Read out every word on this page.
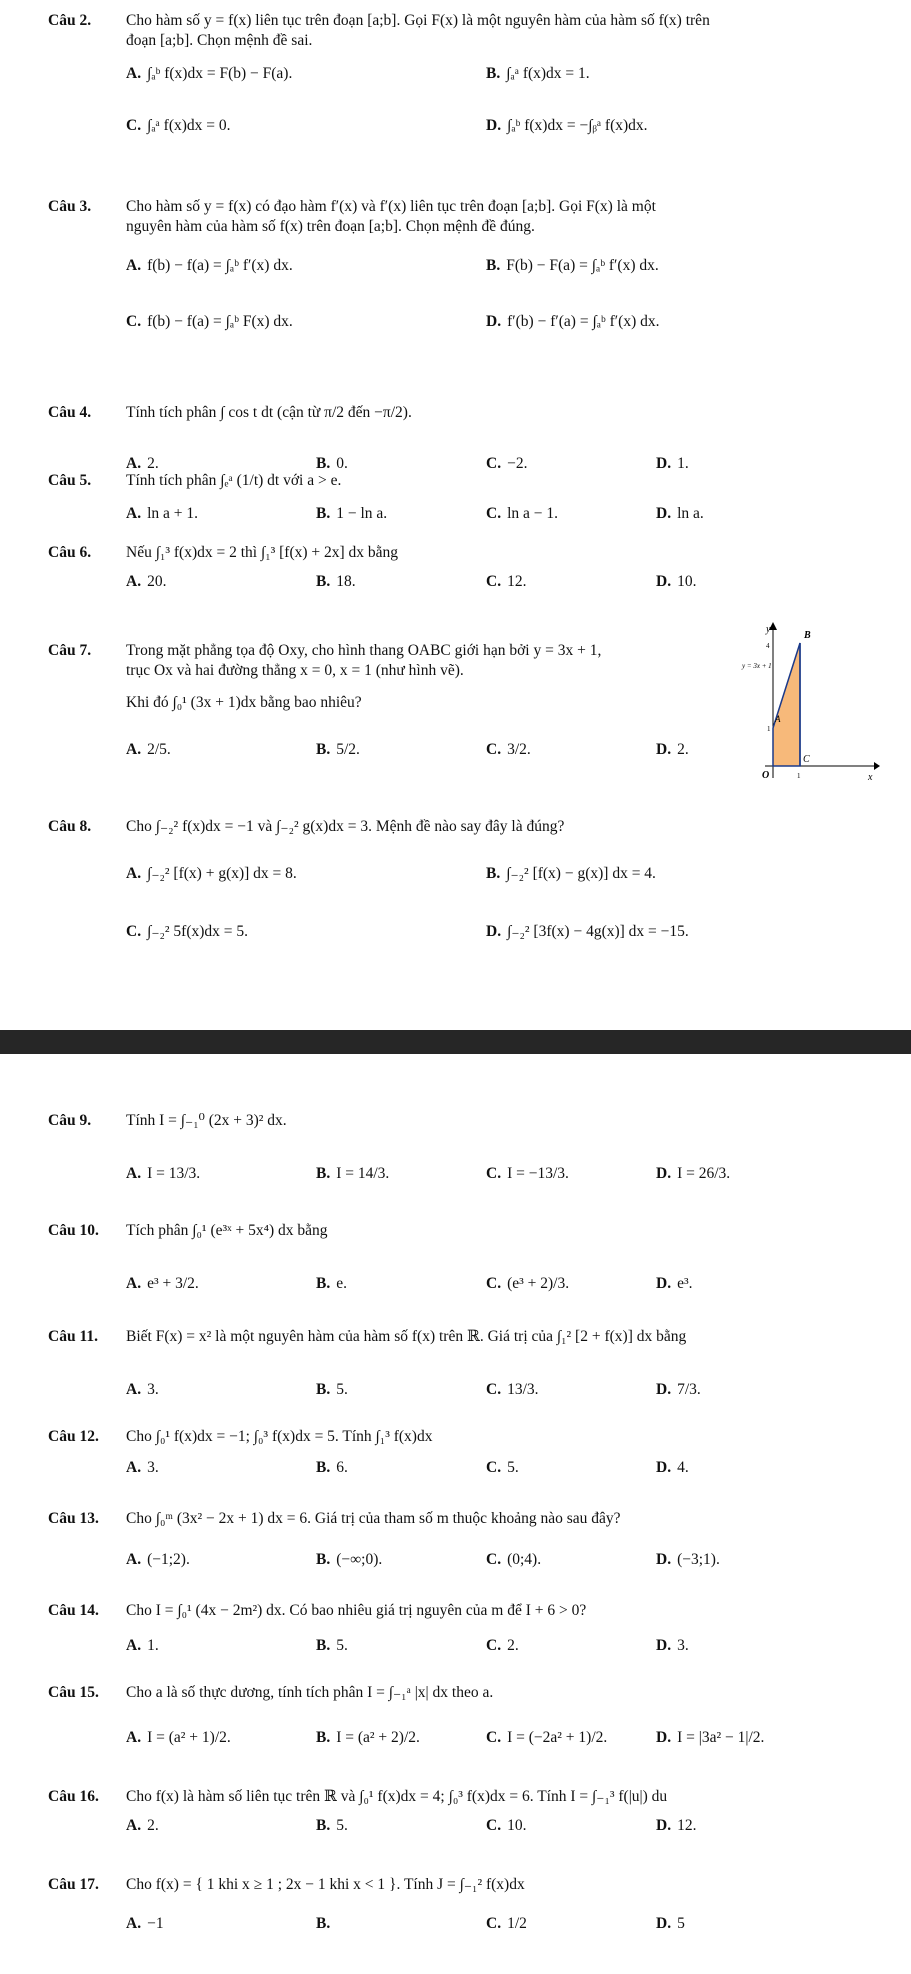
Câu 2.	Cho hàm số y = f(x) liên tục trên đoạn [a;b]. Gọi F(x) là một nguyên hàm của hàm số f(x) trên
đoạn [a;b]. Chọn mệnh đề sai.
A. ∫ₐᵇ f(x)dx = F(b) − F(a).	B. ∫ₐᵃ f(x)dx = 1.
C. ∫ₐᵃ f(x)dx = 0.	D. ∫ₐᵇ f(x)dx = −∫ᵦᵃ f(x)dx.
Câu 3.	Cho hàm số y = f(x) có đạo hàm f′(x) và f′(x) liên tục trên đoạn [a;b]. Gọi F(x) là một
nguyên hàm của hàm số f(x) trên đoạn [a;b]. Chọn mệnh đề đúng.
A. f(b) − f(a) = ∫ₐᵇ f′(x) dx.	B. F(b) − F(a) = ∫ₐᵇ f′(x) dx.
C. f(b) − f(a) = ∫ₐᵇ F(x) dx.	D. f′(b) − f′(a) = ∫ₐᵇ f′(x) dx.
Câu 4.	Tính tích phân ∫ cos t dt (cận từ π/2 đến −π/2).
A. 2.	B. 0.	C. −2.	D. 1.
Câu 5.	Tính tích phân ∫ₑᵃ (1/t) dt với a > e.
A. ln a + 1.	B. 1 − ln a.	C. ln a − 1.	D. ln a.
Câu 6.	Nếu ∫₁³ f(x)dx = 2 thì ∫₁³ [f(x) + 2x] dx bằng
A. 20.	B. 18.	C. 12.	D. 10.
Câu 7.	Trong mặt phẳng tọa độ Oxy, cho hình thang OABC giới hạn bởi y = 3x + 1,
trục Ox và hai đường thẳng x = 0, x = 1 (như hình vẽ).
Khi đó ∫₀¹ (3x + 1)dx bằng bao nhiêu?
A. 2/5.	B. 5/2.	C. 3/2.	D. 2.
y
x
O
B
C
A
y = 3x + 1
4
1
1
Câu 8.	Cho ∫₋₂² f(x)dx = −1 và ∫₋₂² g(x)dx = 3. Mệnh đề nào say đây là đúng?
A. ∫₋₂² [f(x) + g(x)] dx = 8.	B. ∫₋₂² [f(x) − g(x)] dx = 4.
C. ∫₋₂² 5f(x)dx = 5.	D. ∫₋₂² [3f(x) − 4g(x)] dx = −15.
Câu 9.	Tính I = ∫₋₁⁰ (2x + 3)² dx.
A. I = 13/3.	B. I = 14/3.	C. I = −13/3.	D. I = 26/3.
Câu 10.	Tích phân ∫₀¹ (e³ˣ + 5x⁴) dx bằng
A. e³ + 3/2.	B. e.	C. (e³ + 2)/3.	D. e³.
Câu 11.	Biết F(x) = x² là một nguyên hàm của hàm số f(x) trên ℝ. Giá trị của ∫₁² [2 + f(x)] dx bằng
A. 3.	B. 5.	C. 13/3.	D. 7/3.
Câu 12.	Cho ∫₀¹ f(x)dx = −1; ∫₀³ f(x)dx = 5. Tính ∫₁³ f(x)dx
A. 3.	B. 6.	C. 5.	D. 4.
Câu 13.	Cho ∫₀ᵐ (3x² − 2x + 1) dx = 6. Giá trị của tham số m thuộc khoảng nào sau đây?
A. (−1;2).	B. (−∞;0).	C. (0;4).	D. (−3;1).
Câu 14.	Cho I = ∫₀¹ (4x − 2m²) dx. Có bao nhiêu giá trị nguyên của m để I + 6 > 0?
A. 1.	B. 5.	C. 2.	D. 3.
Câu 15.	Cho a là số thực dương, tính tích phân I = ∫₋₁ᵃ |x| dx theo a.
A. I = (a² + 1)/2.	B. I = (a² + 2)/2.	C. I = (−2a² + 1)/2.	D. I = |3a² − 1|/2.
Câu 16.	Cho f(x) là hàm số liên tục trên ℝ và ∫₀¹ f(x)dx = 4; ∫₀³ f(x)dx = 6. Tính I = ∫₋₁³ f(|u|) du
A. 2.	B. 5.	C. 10.	D. 12.
Câu 17.	Cho f(x) = { 1 khi x ≥ 1 ; 2x − 1 khi x < 1 }. Tính J = ∫₋₁² f(x)dx
A. −1	B.	C. 1/2	D. 5
